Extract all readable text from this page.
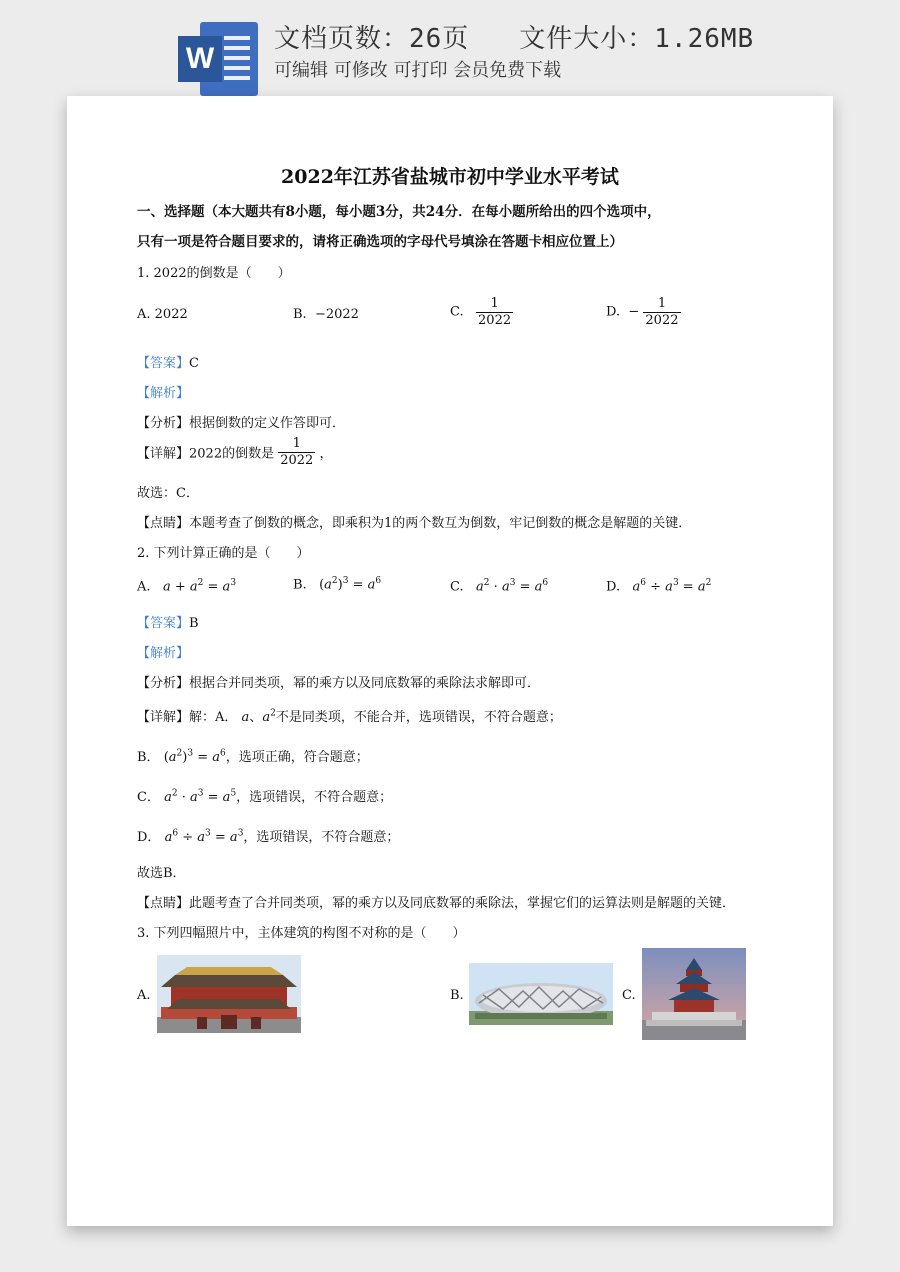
W
文档页数：26页   文件大小：1.26MB
可编辑 可修改 可打印 会员免费下载
2022年江苏省盐城市初中学业水平考试
一、选择题（本大题共有8小题，每小题3分，共24分．在每小题所给出的四个选项中，
只有一项是符合题目要求的，请将正确选项的字母代号填涂在答题卡相应位置上）
1. 2022的倒数是（　　）
A. 2022	B. −2022	C. $\frac{1}{2022}$	D. − $\frac{1}{2022}$
【答案】C
【解析】
【分析】根据倒数的定义作答即可．
【详解】2022的倒数是 $\frac{1}{2022}$ ，
故选：C．
【点睛】本题考查了倒数的概念，即乘积为1的两个数互为倒数，牢记倒数的概念是解题的关键．
2. 下列计算正确的是（　　）
A. $a + a^2 = a^3$	B.   $(a^2)^3 = a^6$	C. $a^2 \cdot a^3 = a^6$	D. $a^6 \div a^3 = a^2$
【答案】B
【解析】
【分析】根据合并同类项，幂的乘方以及同底数幂的乘除法求解即可．
【详解】解：A． a、$a^2$不是同类项，不能合并，选项错误，不符合题意；
B． $(a^2)^3 = a^6$，选项正确，符合题意；
C． $a^2 \cdot a^3 = a^5$，选项错误，不符合题意；
D． $a^6 \div a^3 = a^3$，选项错误，不符合题意；
故选B．
【点睛】此题考查了合并同类项，幂的乘方以及同底数幂的乘除法，掌握它们的运算法则是解题的关键．
3. 下列四幅照片中，主体建筑的构图不对称的是（　　）
A.	B.	C.
